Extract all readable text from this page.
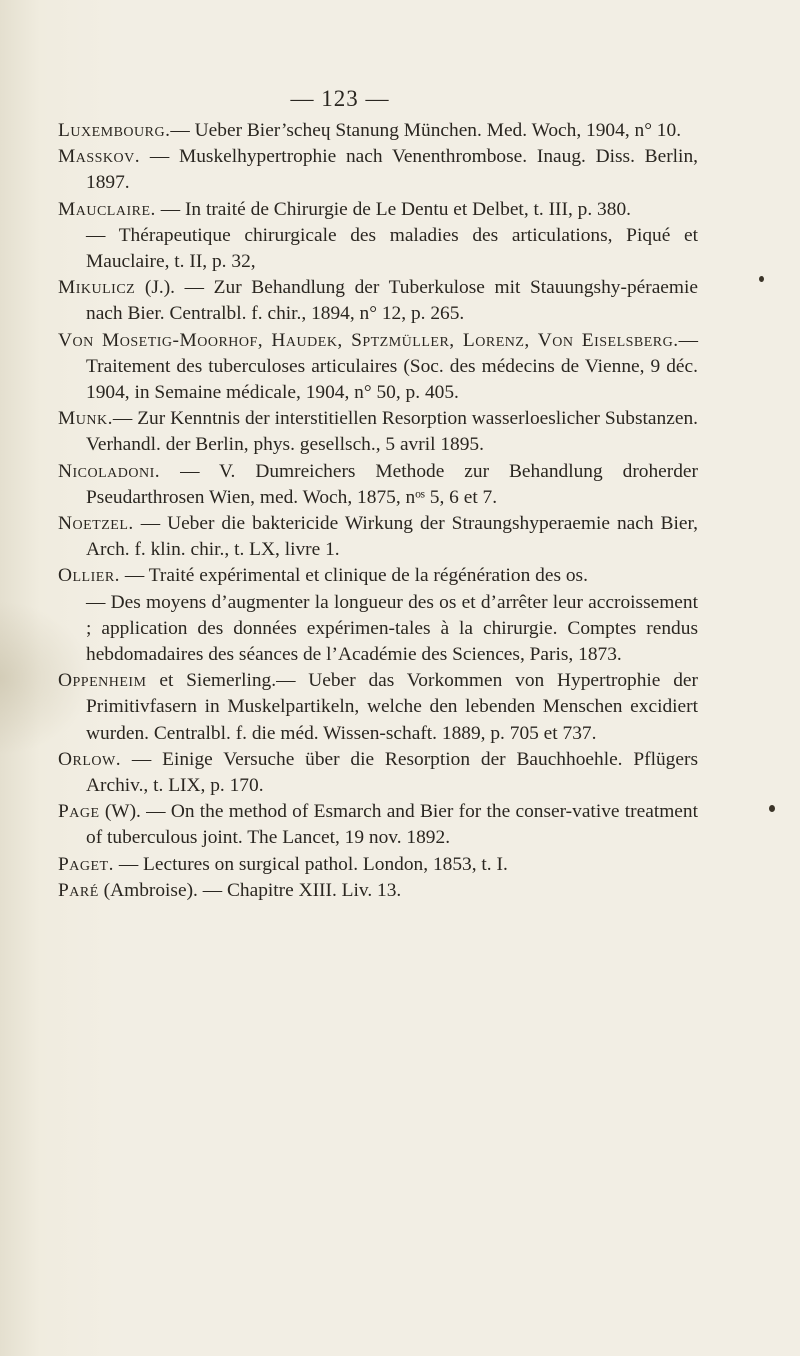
— 123 —

Luxembourg.— Ueber Bier’scheɥ Stanung München. Med. Woch, 1904, n° 10.

Masskov. — Muskelhypertrophie nach Venenthrombose. Inaug. Diss. Berlin, 1897.

Mauclaire. — In traité de Chirurgie de Le Dentu et Delbet, t. III, p. 380.

— Thérapeutique chirurgicale des maladies des articulations, Piqué et Mauclaire, t. II, p. 32,

Mikulicz (J.). — Zur Behandlung der Tuberkulose mit Stauungshy-péraemie nach Bier. Centralbl. f. chir., 1894, n° 12, p. 265.

Von Mosetig-Moorhof, Haudek, Sptzmüller, Lorenz, Von Eiselsberg.— Traitement des tuberculoses articulaires (Soc. des médecins de Vienne, 9 déc. 1904, in Semaine médicale, 1904, n° 50, p. 405.

Munk.— Zur Kenntnis der interstitiellen Resorption wasserloeslicher Substanzen. Verhandl. der Berlin, phys. gesellsch., 5 avril 1895.

Nicoladoni. — V. Dumreichers Methode zur Behandlung droherder Pseudarthrosen Wien, med. Woch, 1875, nᵒˢ 5, 6 et 7.

Noetzel. — Ueber die baktericide Wirkung der Straungshyperaemie nach Bier, Arch. f. klin. chir., t. LX, livre 1.

Ollier. — Traité expérimental et clinique de la régénération des os.

— Des moyens d’augmenter la longueur des os et d’arrêter leur accroissement ; application des données expérimen-tales à la chirurgie. Comptes rendus hebdomadaires des séances de l’Académie des Sciences, Paris, 1873.

Oppenheim et Siemerling.— Ueber das Vorkommen von Hypertrophie der Primitivfasern in Muskelpartikeln, welche den lebenden Menschen excidiert wurden. Centralbl. f. die méd. Wissen-schaft. 1889, p. 705 et 737.

Orlow. — Einige Versuche über die Resorption der Bauchhoehle. Pflügers Archiv., t. LIX, p. 170.

Page (W). — On the method of Esmarch and Bier for the conser-vative treatment of tuberculous joint. The Lancet, 19 nov. 1892.

Paget. — Lectures on surgical pathol. London, 1853, t. I.

Paré (Ambroise). — Chapitre XIII. Liv. 13.
